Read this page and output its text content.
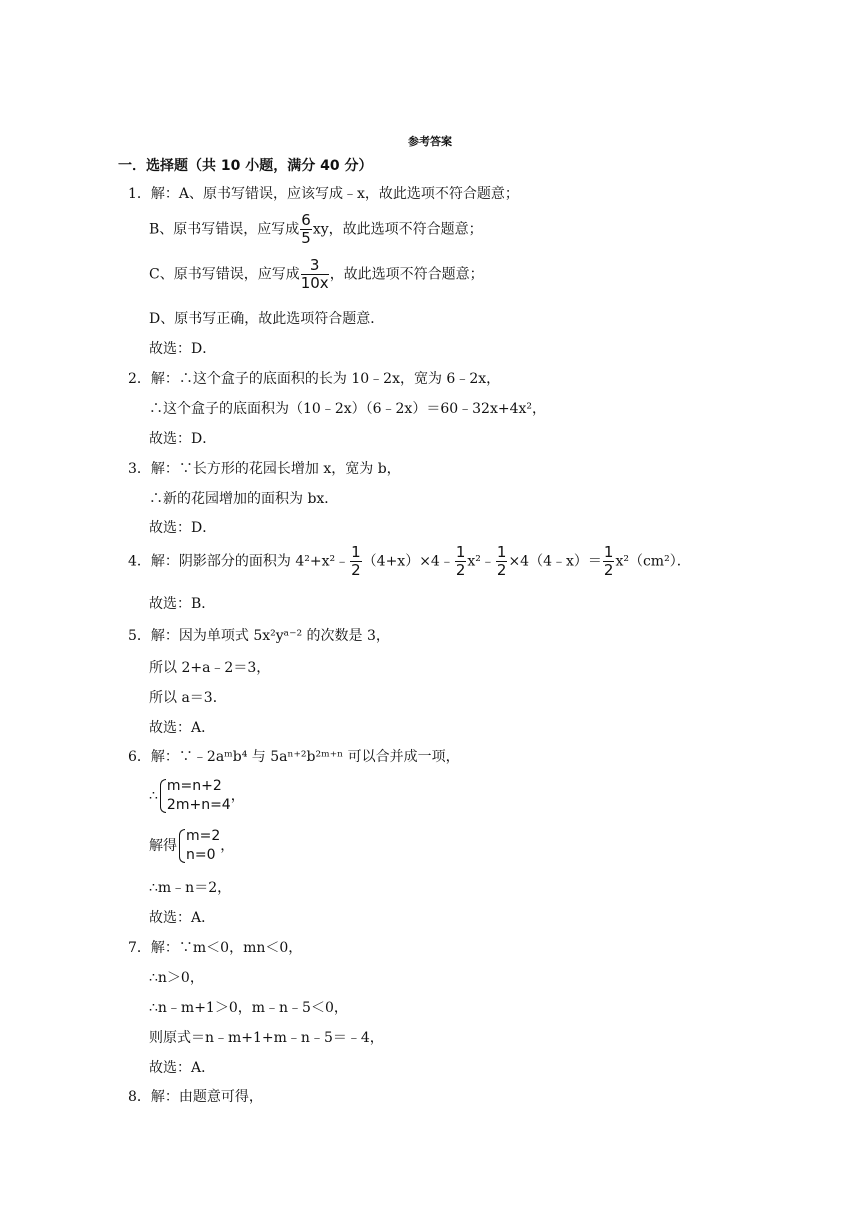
参考答案
一．选择题（共 10 小题，满分 40 分）
1．解：A、原书写错误，应该写成﹣x，故此选项不符合题意；
B、原书写错误，应写成 $\frac{6}{5}$ xy，故此选项不符合题意；
C、原书写错误，应写成 $\frac{3}{10x}$ ，故此选项不符合题意；
D、原书写正确，故此选项符合题意．
故选：D．
2．解：∴这个盒子的底面积的长为 10﹣2x，宽为 6﹣2x，
∴这个盒子的底面积为（10﹣2x）（6﹣2x）＝60﹣32x+4x²，
故选：D．
3．解：∵长方形的花园长增加 x，宽为 b，
∴新的花园增加的面积为 bx．
故选：D．
4．解：阴影部分的面积为 4²+x²﹣ $\frac{1}{2}$ （4+x）×4﹣ $\frac{1}{2}$ x²﹣ $\frac{1}{2}$ ×4（4﹣x）＝ $\frac{1}{2} x^2(cm^2)$．
故选：B．
5．解：因为单项式 5x²yᵃ⁻² 的次数是 3，
所以 2+a﹣2＝3，
所以 a＝3．
故选：A．
6．解：∵﹣2aᵐb⁴ 与 5aⁿ⁺²b²ᵐ⁺ⁿ 可以合并成一项，
∴
m=n+2
2m+n=4
，
解得
m=2
n=0
，
∴m﹣n＝2，
故选：A．
7．解：∵m＜0，mn＜0，
∴n＞0，
∴n﹣m+1＞0，m﹣n﹣5＜0，
则原式＝n﹣m+1+m﹣n﹣5＝﹣4，
故选：A．
8．解：由题意可得，
